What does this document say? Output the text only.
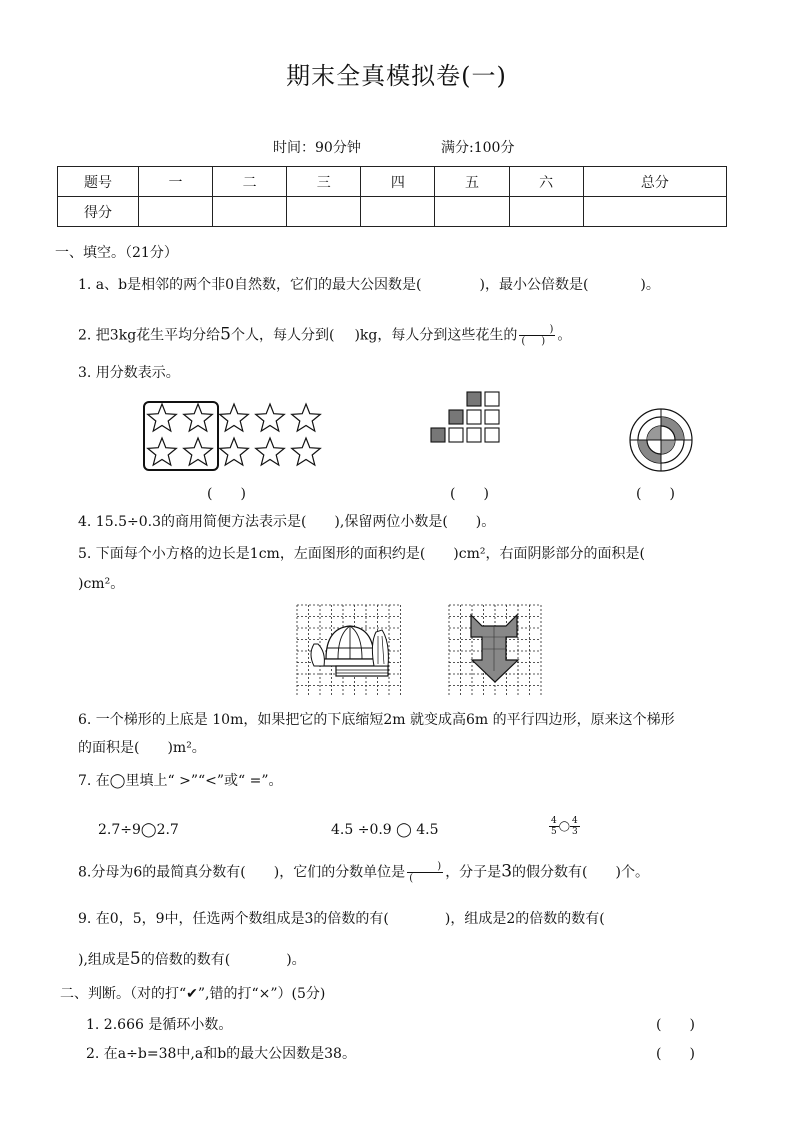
期末全真模拟卷(一)
时间：90分钟	满分:100分
题号	一	二	三	四	五	六	总分
得分							
一、填空。（21分）
1. a、b是相邻的两个非0自然数，它们的最大公因数是(	)，最小公倍数是(	)。
2. 把3kg花生平均分给5个人，每人分到( )kg，每人分到这些花生的 $\frac{)}{( )}$ 。
3. 用分数表示。
(　　)	(　　)	(　　)
4. 15.5÷0.3的商用简便方法表示是(　　),保留两位小数是(　　)。
5. 下面每个小方格的边长是1cm，左面图形的面积约是(　　)cm²，右面阴影部分的面积是(
)cm²。
6. 一个梯形的上底是 10m，如果把它的下底缩短2m 就变成高6m 的平行四边形，原来这个梯形
的面积是(　　)m²。
7. 在◯里填上“ >”“<”或“ =”。
2.7÷9◯2.7	4.5 ÷0.9 ◯ 4.5	$\frac{4}{5}$ ◯ $\frac{4}{3}$
8.分母为6的最简真分数有(　　)，它们的分数单位是 $\frac{)}{(}$ ，分子是3的假分数有(　　)个。
9. 在0，5，9中，任选两个数组成是3的倍数的有(　　　　)，组成是2的倍数的数有(
),组成是5的倍数的数有(　　　　)。
二、判断。（对的打“✔”,错的打“×”）(5分)
1. 2.666 是循环小数。	(　　)
2. 在a÷b=38中,a和b的最大公因数是38。	(　　)
